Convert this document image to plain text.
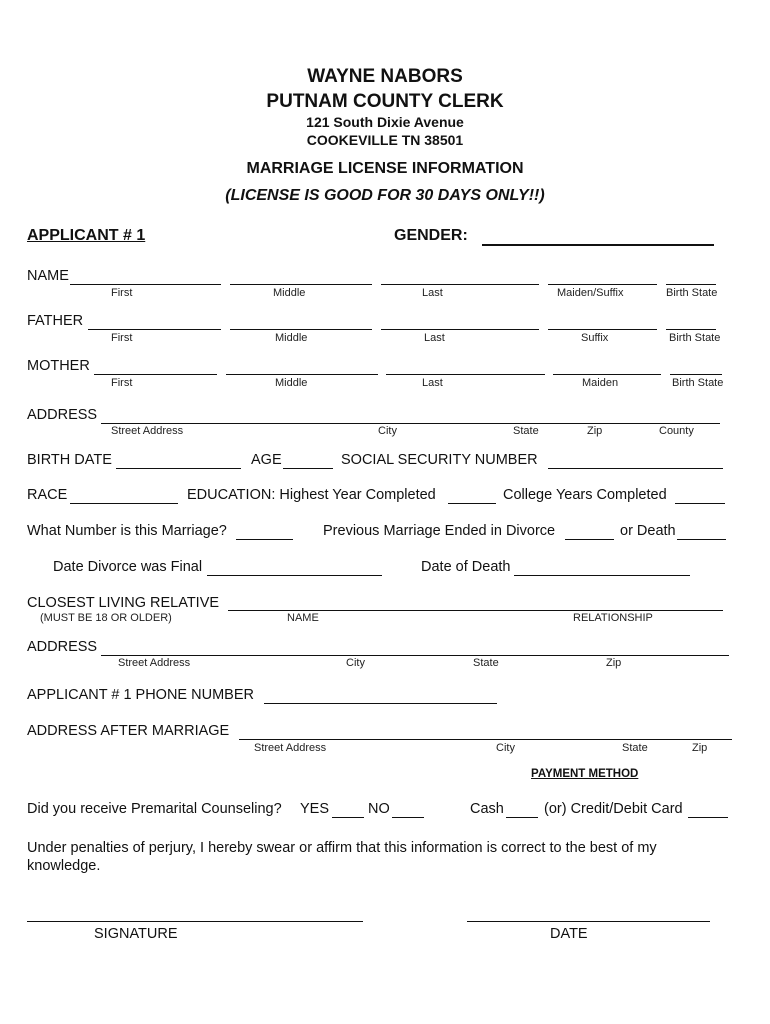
WAYNE NABORS
PUTNAM COUNTY CLERK
121 South Dixie Avenue
COOKEVILLE TN 38501
MARRIAGE LICENSE INFORMATION
(LICENSE IS GOOD FOR 30 DAYS ONLY!!)
APPLICANT # 1	GENDER:
NAME
First	Middle	Last	Maiden/Suffix	Birth State
FATHER
First	Middle	Last	Suffix	Birth State
MOTHER
First	Middle	Last	Maiden	Birth State
ADDRESS
Street Address	City	State	Zip	County
BIRTH DATE	AGE	SOCIAL SECURITY NUMBER
RACE	EDUCATION: Highest Year Completed	College Years Completed
What Number is this Marriage?	Previous Marriage Ended in Divorce	or Death
Date Divorce was Final	Date of Death
CLOSEST LIVING RELATIVE
(MUST BE 18 OR OLDER)	NAME	RELATIONSHIP
ADDRESS
Street Address	City	State	Zip
APPLICANT # 1 PHONE NUMBER
ADDRESS AFTER MARRIAGE
Street Address	City	State	Zip
PAYMENT METHOD
Did you receive Premarital Counseling? YES	NO	Cash	(or) Credit/Debit Card
Under penalties of perjury, I hereby swear or affirm that this information is correct to the best of my
knowledge.
SIGNATURE	DATE
